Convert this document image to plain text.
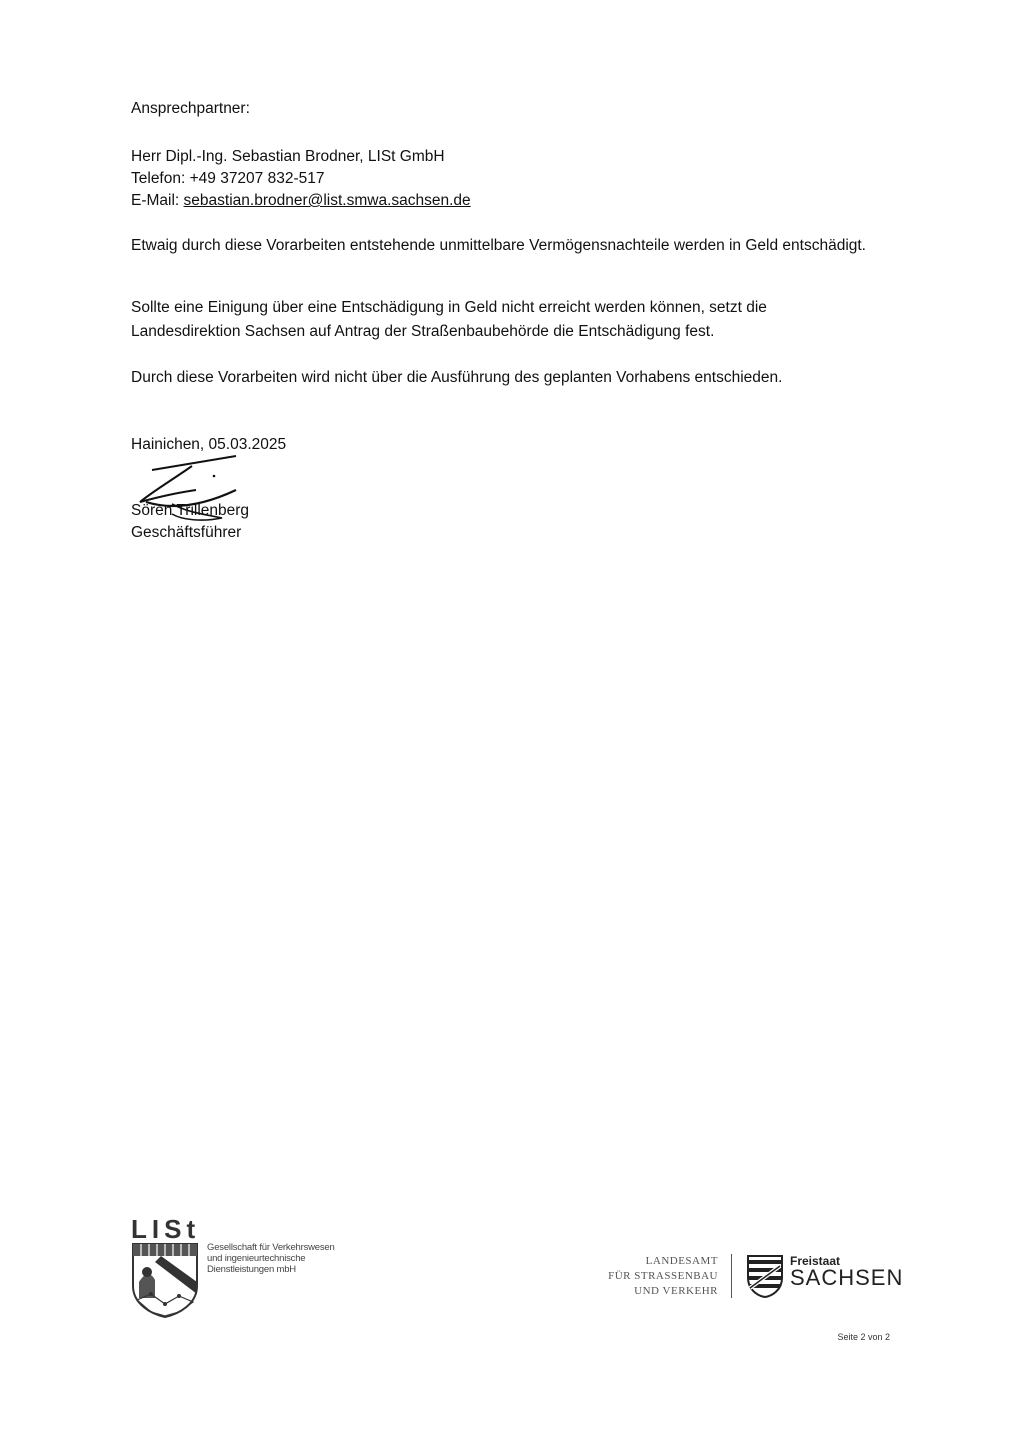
Ansprechpartner:
Herr Dipl.-Ing. Sebastian Brodner, LISt GmbH
Telefon: +49 37207 832-517
E-Mail: sebastian.brodner@list.smwa.sachsen.de
Etwaig durch diese Vorarbeiten entstehende unmittelbare Vermögensnachteile werden in Geld entschädigt.
Sollte eine Einigung über eine Entschädigung in Geld nicht erreicht werden können, setzt die Landesdirektion Sachsen auf Antrag der Straßenbaubehörde die Entschädigung fest.
Durch diese Vorarbeiten wird nicht über die Ausführung des geplanten Vorhabens entschieden.
Hainichen, 05.03.2025
Sören Trillenberg
Geschäftsführer
LISt
Gesellschaft für Verkehrswesen
und ingenieurtechnische
Dienstleistungen mbH
LANDESAMT
FÜR STRASSENBAU
UND VERKEHR
Freistaat
SACHSEN
Seite 2 von 2
